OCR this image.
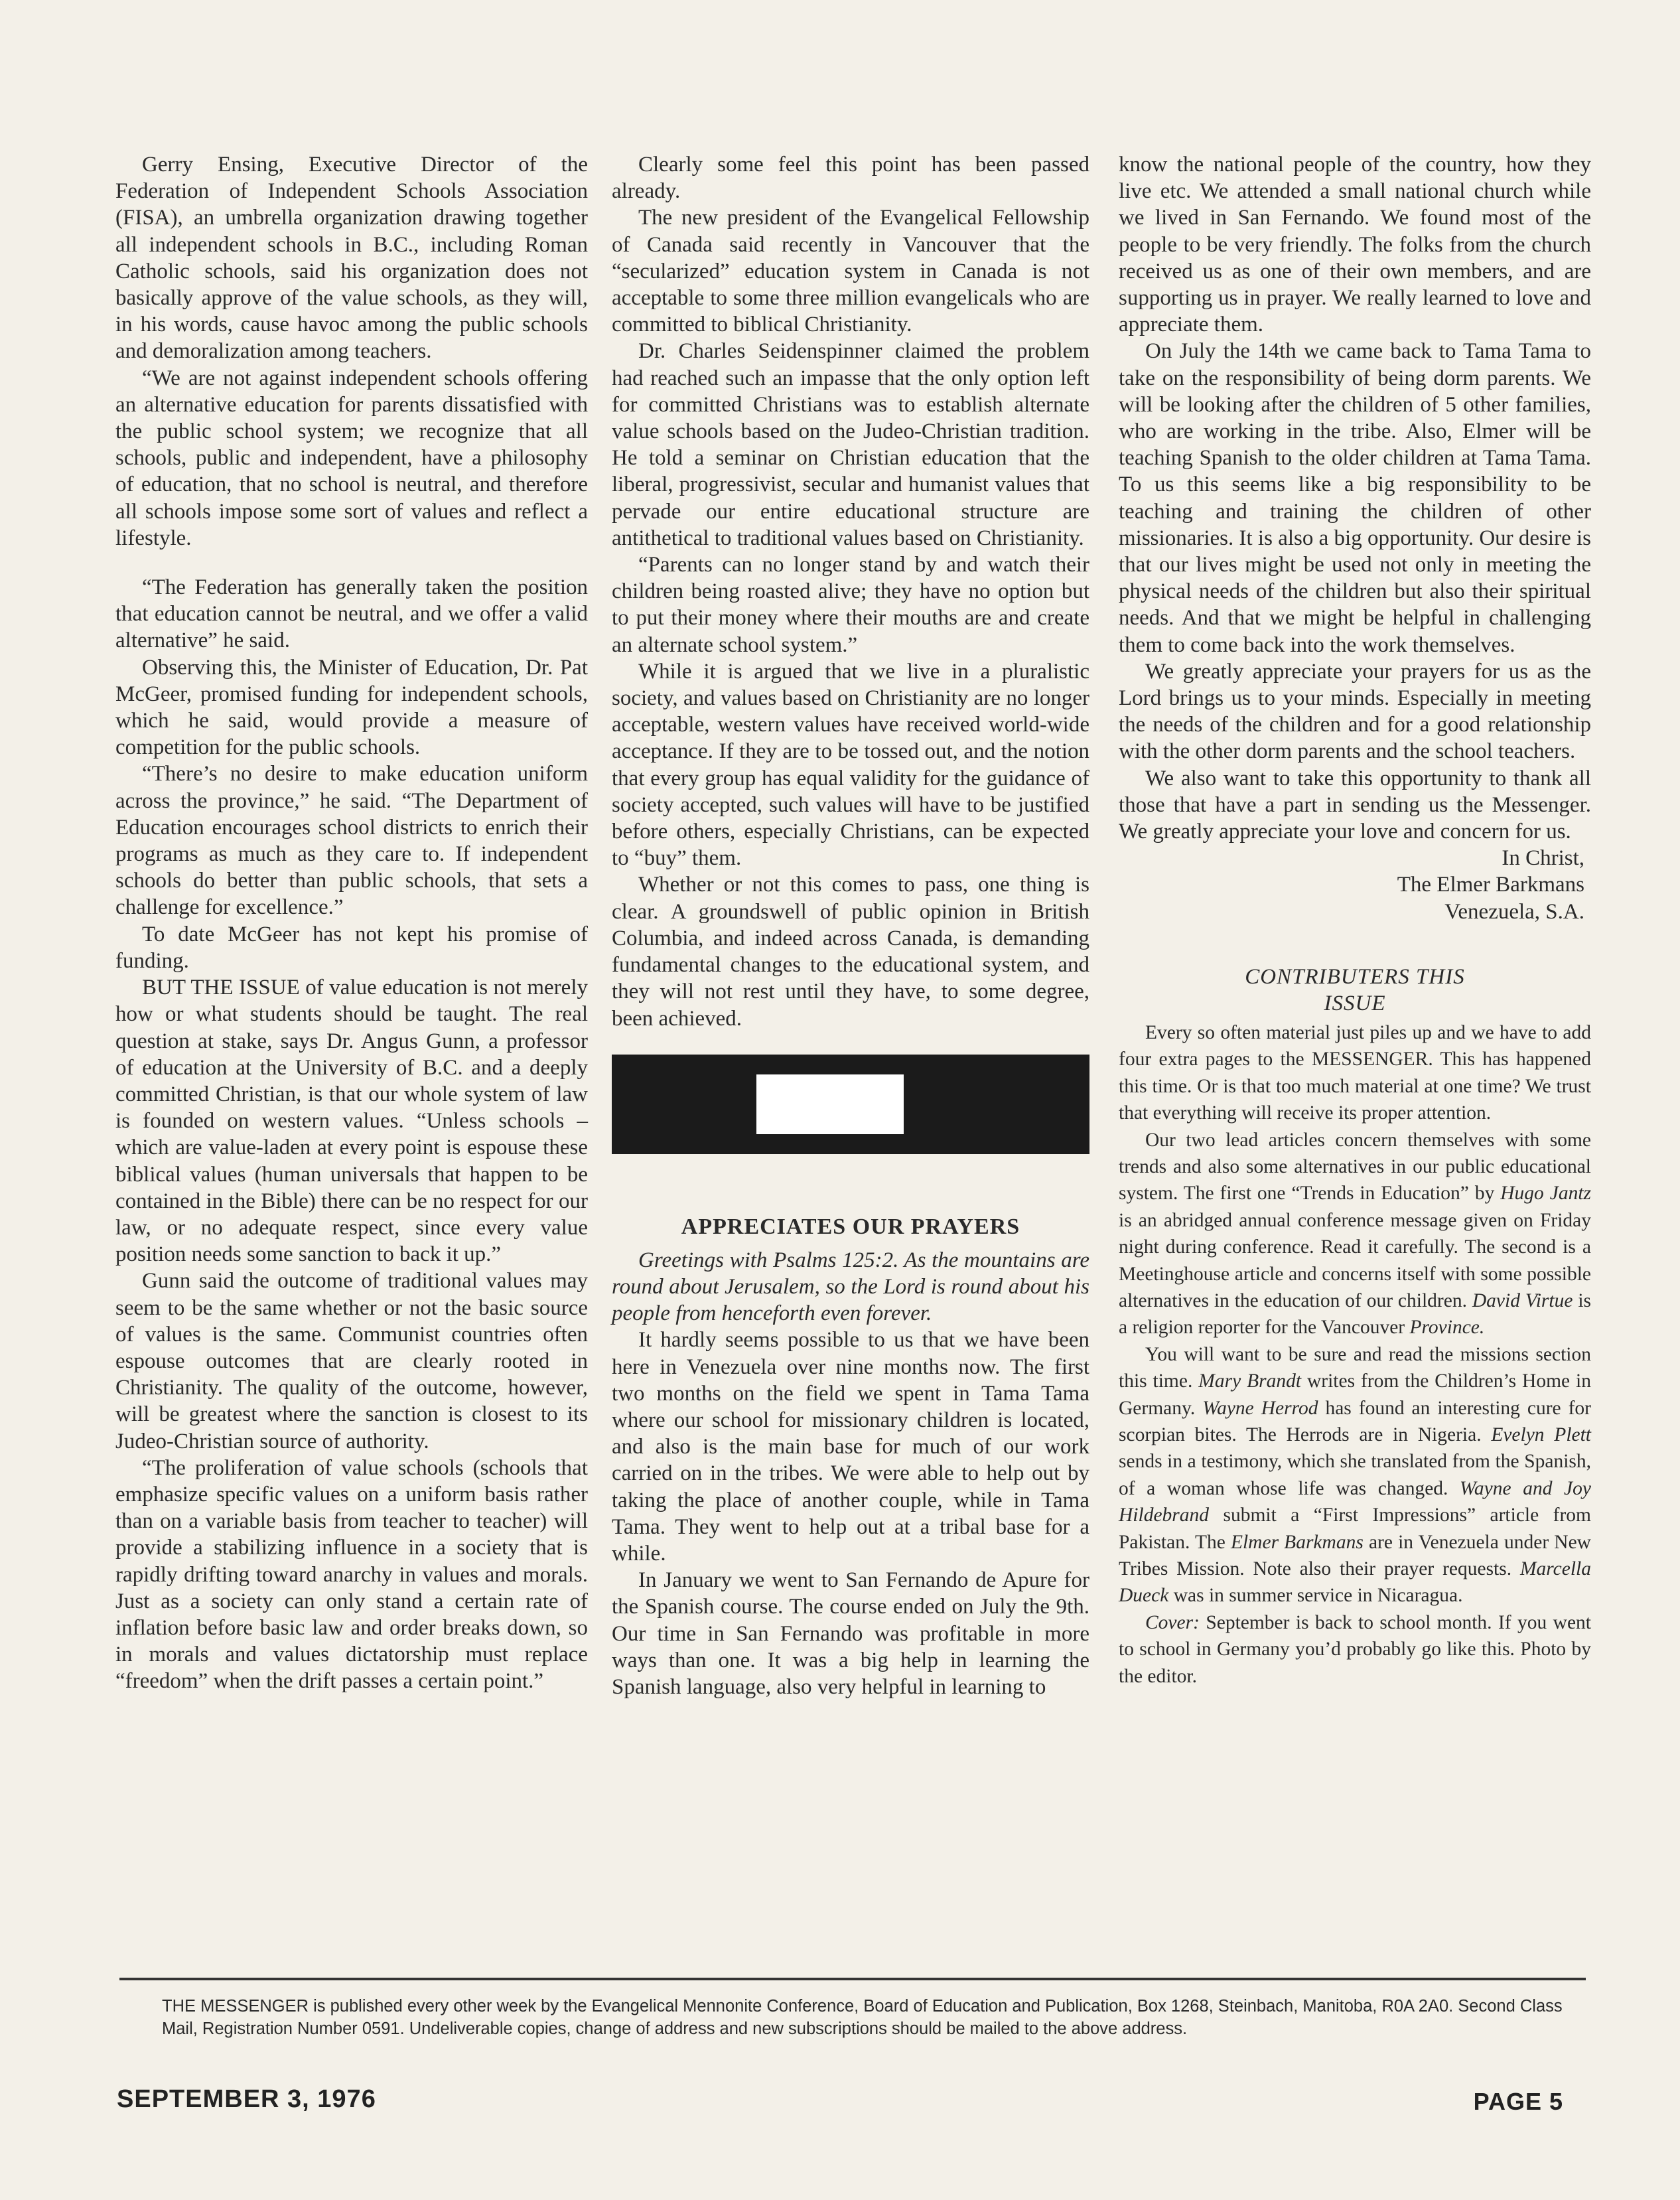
Gerry Ensing, Executive Director of the Federation of Independent Schools Association (FISA), an umbrella organization drawing together all independent schools in B.C., including Roman Catholic schools, said his organization does not basically approve of the value schools, as they will, in his words, cause havoc among the public schools and demoralization among teachers.

“We are not against independent schools offering an alternative education for parents dissatisfied with the public school system; we recognize that all schools, public and independent, have a philosophy of education, that no school is neutral, and therefore all schools impose some sort of values and reflect a lifestyle.

“The Federation has generally taken the position that education cannot be neutral, and we offer a valid alternative” he said.

Observing this, the Minister of Education, Dr. Pat McGeer, promised funding for independent schools, which he said, would provide a measure of competition for the public schools.

“There’s no desire to make education uniform across the province,” he said. “The Department of Education encourages school districts to enrich their programs as much as they care to. If independent schools do better than public schools, that sets a challenge for excellence.”

To date McGeer has not kept his promise of funding.

BUT THE ISSUE of value education is not merely how or what students should be taught. The real question at stake, says Dr. Angus Gunn, a professor of education at the University of B.C. and a deeply committed Christian, is that our whole system of law is founded on western values. “Unless schools – which are value-laden at every point is espouse these biblical values (human universals that happen to be contained in the Bible) there can be no respect for our law, or no adequate respect, since every value position needs some sanction to back it up.”

Gunn said the outcome of traditional values may seem to be the same whether or not the basic source of values is the same. Communist countries often espouse outcomes that are clearly rooted in Christianity. The quality of the outcome, however, will be greatest where the sanction is closest to its Judeo-Christian source of authority.

“The proliferation of value schools (schools that emphasize specific values on a uniform basis rather than on a variable basis from teacher to teacher) will provide a stabilizing influence in a society that is rapidly drifting toward anarchy in values and morals. Just as a society can only stand a certain rate of inflation before basic law and order breaks down, so in morals and values dictatorship must replace “freedom” when the drift passes a certain point.”

Clearly some feel this point has been passed already.

The new president of the Evangelical Fellowship of Canada said recently in Vancouver that the “secularized” education system in Canada is not acceptable to some three million evangelicals who are committed to biblical Christianity.

Dr. Charles Seidenspinner claimed the problem had reached such an impasse that the only option left for committed Christians was to establish alternate value schools based on the Judeo-Christian tradition. He told a seminar on Christian education that the liberal, progressivist, secular and humanist values that pervade our entire educational structure are antithetical to traditional values based on Christianity.

“Parents can no longer stand by and watch their children being roasted alive; they have no option but to put their money where their mouths are and create an alternate school system.”

While it is argued that we live in a pluralistic society, and values based on Christianity are no longer acceptable, western values have received world-wide acceptance. If they are to be tossed out, and the notion that every group has equal validity for the guidance of society accepted, such values will have to be justified before others, especially Christians, can be expected to “buy” them.

Whether or not this comes to pass, one thing is clear. A groundswell of public opinion in British Columbia, and indeed across Canada, is demanding fundamental changes to the educational system, and they will not rest until they have, to some degree, been achieved.

APPRECIATES OUR PRAYERS

Greetings with Psalms 125:2. As the mountains are round about Jerusalem, so the Lord is round about his people from henceforth even forever.

It hardly seems possible to us that we have been here in Venezuela over nine months now. The first two months on the field we spent in Tama Tama where our school for missionary children is located, and also is the main base for much of our work carried on in the tribes. We were able to help out by taking the place of another couple, while in Tama Tama. They went to help out at a tribal base for a while.

In January we went to San Fernando de Apure for the Spanish course. The course ended on July the 9th. Our time in San Fernando was profitable in more ways than one. It was a big help in learning the Spanish language, also very helpful in learning to

know the national people of the country, how they live etc. We attended a small national church while we lived in San Fernando. We found most of the people to be very friendly. The folks from the church received us as one of their own members, and are supporting us in prayer. We really learned to love and appreciate them.

On July the 14th we came back to Tama Tama to take on the responsibility of being dorm parents. We will be looking after the children of 5 other families, who are working in the tribe. Also, Elmer will be teaching Spanish to the older children at Tama Tama. To us this seems like a big responsibility to be teaching and training the children of other missionaries. It is also a big opportunity. Our desire is that our lives might be used not only in meeting the physical needs of the children but also their spiritual needs. And that we might be helpful in challenging them to come back into the work themselves.

We greatly appreciate your prayers for us as the Lord brings us to your minds. Especially in meeting the needs of the children and for a good relationship with the other dorm parents and the school teachers.

We also want to take this opportunity to thank all those that have a part in sending us the Messenger. We greatly appreciate your love and concern for us.

In Christ,
The Elmer Barkmans
Venezuela, S.A.
CONTRIBUTERS THIS
ISSUE

Every so often material just piles up and we have to add four extra pages to the MESSENGER. This has happened this time. Or is that too much material at one time? We trust that everything will receive its proper attention.

Our two lead articles concern themselves with some trends and also some alternatives in our public educational system. The first one “Trends in Education” by Hugo Jantz is an abridged annual conference message given on Friday night during conference. Read it carefully. The second is a Meetinghouse article and concerns itself with some possible alternatives in the education of our children. David Virtue is a religion reporter for the Vancouver Province.

You will want to be sure and read the missions section this time. Mary Brandt writes from the Children’s Home in Germany. Wayne Herrod has found an interesting cure for scorpian bites. The Herrods are in Nigeria. Evelyn Plett sends in a testimony, which she translated from the Spanish, of a woman whose life was changed. Wayne and Joy Hildebrand submit a “First Impressions” article from Pakistan. The Elmer Barkmans are in Venezuela under New Tribes Mission. Note also their prayer requests. Marcella Dueck was in summer service in Nicaragua.

Cover: September is back to school month. If you went to school in Germany you’d probably go like this. Photo by the editor.

THE MESSENGER is published every other week by the Evangelical Mennonite Conference, Board of Education and Publication, Box 1268, Steinbach, Manitoba, R0A 2A0. Second Class Mail, Registration Number 0591. Undeliverable copies, change of address and new subscriptions should be mailed to the above address.
SEPTEMBER 3, 1976	PAGE 5
